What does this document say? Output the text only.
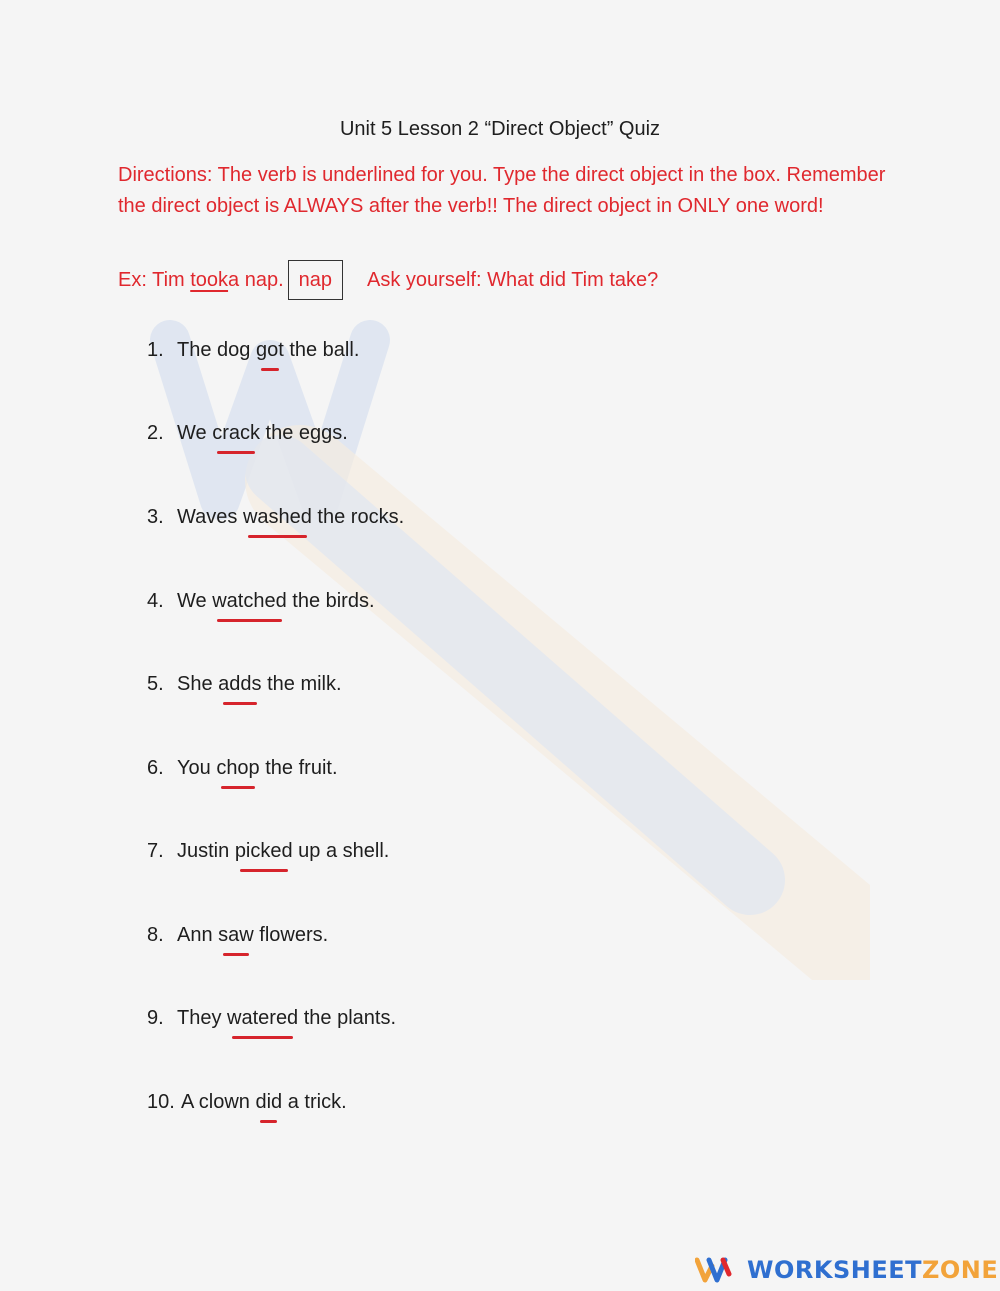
Unit 5 Lesson 2 “Direct Object” Quiz
Directions: The verb is underlined for you. Type the direct object in the box. Remember the direct object is ALWAYS after the verb!! The direct object in ONLY one word!
Ex: Tim
took a nap. nap	Ask yourself: What did Tim take?
1. The dog got the ball.
2. We crack the eggs.
3. Waves washed the rocks.
4. We watched the birds.
5. She adds the milk.
6. You chop the fruit.
7. Justin picked up a shell.
8. Ann saw flowers.
9. They watered the plants.
10. A clown did a trick.
WORKSHEET ZONE
